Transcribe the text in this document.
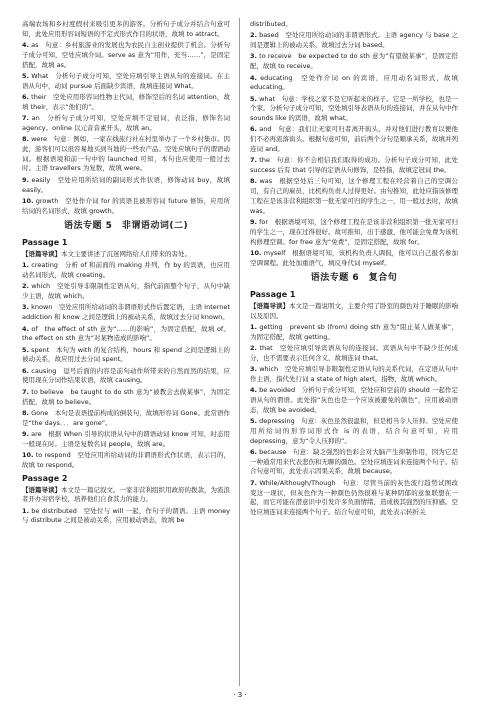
高端农场和乡村度假村来吸引更多的游客。分析句子成分并结合句意可知，此处应用形容词短语的不定式形式作目的状语，故填 to attract。

4. as　句意：乡村旅游业的发展也为农民自主创业提供了机会。分析句子成分可知，空处应填介词。serve as 意为“用作，充当……”，是固定搭配，故填 as。

5. What　分析句子成分可知，空处应填引导主语从句的连接词。在主语从句中，动词 pursue 后面缺少宾语，故填连接词 What。

6. their　空处应用形容词性物主代词，修饰空后的名词 attention，故填 their，表示“他们的”。

7. an　分析句子成分可知，空处应填不定冠词，表泛指，修饰名词 agency。online 以元音音素开头，故填 an。

8. were　句意：例如，一家在线旅行社在村里举办了一个乡村集市。因此，游客们可以很容易地买到当地的一些农产品。空处应填句子的谓语动词。根据语境和前一句中的 launched 可知，本句也应使用一般过去时。主语 travellers 为复数，故填 were。

9. easily　空处应用所给词的副词形式作状语，修饰动词 buy，故填 easily。

10. growth　空处作介词 for 的宾语且被形容词 future 修饰，应用所给词的名词形式，故填 growth。

语法专题 5　非谓语动词(二)
Passage 1

【语篇导读】本文主要讲述了沉迷网络给人们带来的害处。

1. creating　分析 of 和前面的 making 并列，作 by 的宾语，也应用动名词形式，故填 creating。

2. which　空处引导非限制性定语从句，指代前面整个句子，从句中缺少主语，故填 which。

3. known　空处应用所给动词的非谓语形式作后置定语，主语 Internet addiction 和 know 之间是逻辑上的被动关系，故填过去分词 known。

4. of　the effect of sth 意为“……的影响”，为固定搭配，故填 of。the effect on sth 意为“对某物造成的影响”。

5. spent　本句为 with 的复合结构，hours 和 spend 之间是逻辑上的被动关系，故应用过去分词 spent。

6. causing　逗号后面的内容是前句动作所带来的自然而然的结果，应使用现在分词作结果状语，故填 causing。

7. to believe　be taught to do sth 意为“被教会去做某事”，为固定搭配，故填 to believe。

8. Gone　本句是表语提前构成的倒装句，故填形容词 Gone。此常语作是“the days．．．are gone”。

9. are　根据 When 引导的状语从句中的谓语动词 know 可知，时态用一般现在时。主语是复数名词 people，故填 are。

10. to respond　空处应用所给动词的非谓语形式作状语，表示目的，故填 to respond。

Passage 2

【语篇导读】本文是一篇记叙文。一家非营利组织用政府的拨款，为流浪者开办寄宿学校，培养他们自食其力的能力。

1. be distributed　空处位与 will 一起，作句子的谓语。主语 money 与 distribute 之间是被动关系，应用被动语态，故填 be

distributed。

2. based　空处应用所给动词的非谓语形式。主语 agency 与 base 之间是逻辑上的被动关系，故填过去分词 based。

3. to receive　be expected to do sth 意为“有望做某事”，是固定搭配，故填 to receive。

4. educating　空处作介词 on 的宾语，应用动名词形式，故填 educating。

5. what　句意：学校之家不是它听起来的样子。它是一所学校，也是一个家。分析句子成分可知，空处填引导表语从句的连接词，并在从句中作 sounds like 的宾语，故填 what。

6. and　句意：我们让无家可归者离开街头，并对他们进行教育以便他们不必再流落街头。根据句意可知，前后两个分句是顺承关系，故填并列连词 and。

7. the　句意：你不会相信我们取得的成功。分析句子成分可知，此处 success 后有 that 引导的定语从句修饰，是特指，故填定冠词 the。

8. was　根据空处后三句可知，这个修理工程在经营着自己的空调公司，有自己的雇员，比机构负责人过得更好。由句推知，此处应指该修理工程在是该非营利组织第一批无家可归的学生之一，用一般过去时，故填 was。

9. for　根据语境可知，这个修理工程在是该非营利组织第一批无家可归的学生之一，现在过得很好。故可推知，出于感激，他可能会免费为该机构修理空调。for free 意为“免费”，是固定搭配，故填 for。

10. myself　根据语境可知，该机构负责人调侃，他可以自己报名参加空调课程。此处加重语气，填反身代词 myself。

语法专题 6　复合句
Passage 1

【语篇导读】本文是一篇说明文，主要介绍了卧室的颜色对于睡眠的影响以及原因。

1. getting　prevent sb (from) doing sth 意为“阻止某人做某事”，为固定搭配，故填 getting。

2. that　空处应填引导宾语从句的连接词。宾语从句中不缺少任何成分，也不需要表示任何含义，故填连词 that。

3. which　空处应填引导非限制性定语从句的关系代词，在定语从句中作主语，指代先行词 a state of high alert，指物，故填 which。

4. be avoided　分析句子成分可知，空处应和空前的 should 一起作定语从句的谓语。此处指“灰色也是一个应该被避免的颜色”，应用被动语态，故填 be avoided。

5. depressing　句意：灰色虽然很温和，但是相当令人压抑。空处应使用所给词的形容词形式作 is 的表语，结合句意可知，应用 depressing，意为“令人压抑的”。

6. because　句意：缺乏强烈的色彩会对大脑产生抑制作用，因为它是一种通常用来代表悲伤和无聊的颜色。空处应填连词来连接两个句子。结合句意可知，此处表示因果关系，故填 because。

7. While/Although/Though　句意：尽管当前的灰色流行趋势试图改变这一现状，但灰色作为一种颜色仍然很难与某种阴郁的意象联想在一起，而它可能在潜意识中引发许多负面情绪，造成极其强烈的压抑感。空处应填连词来连接两个句子。结合句意可知，此处表示转折关

· 3 ·
